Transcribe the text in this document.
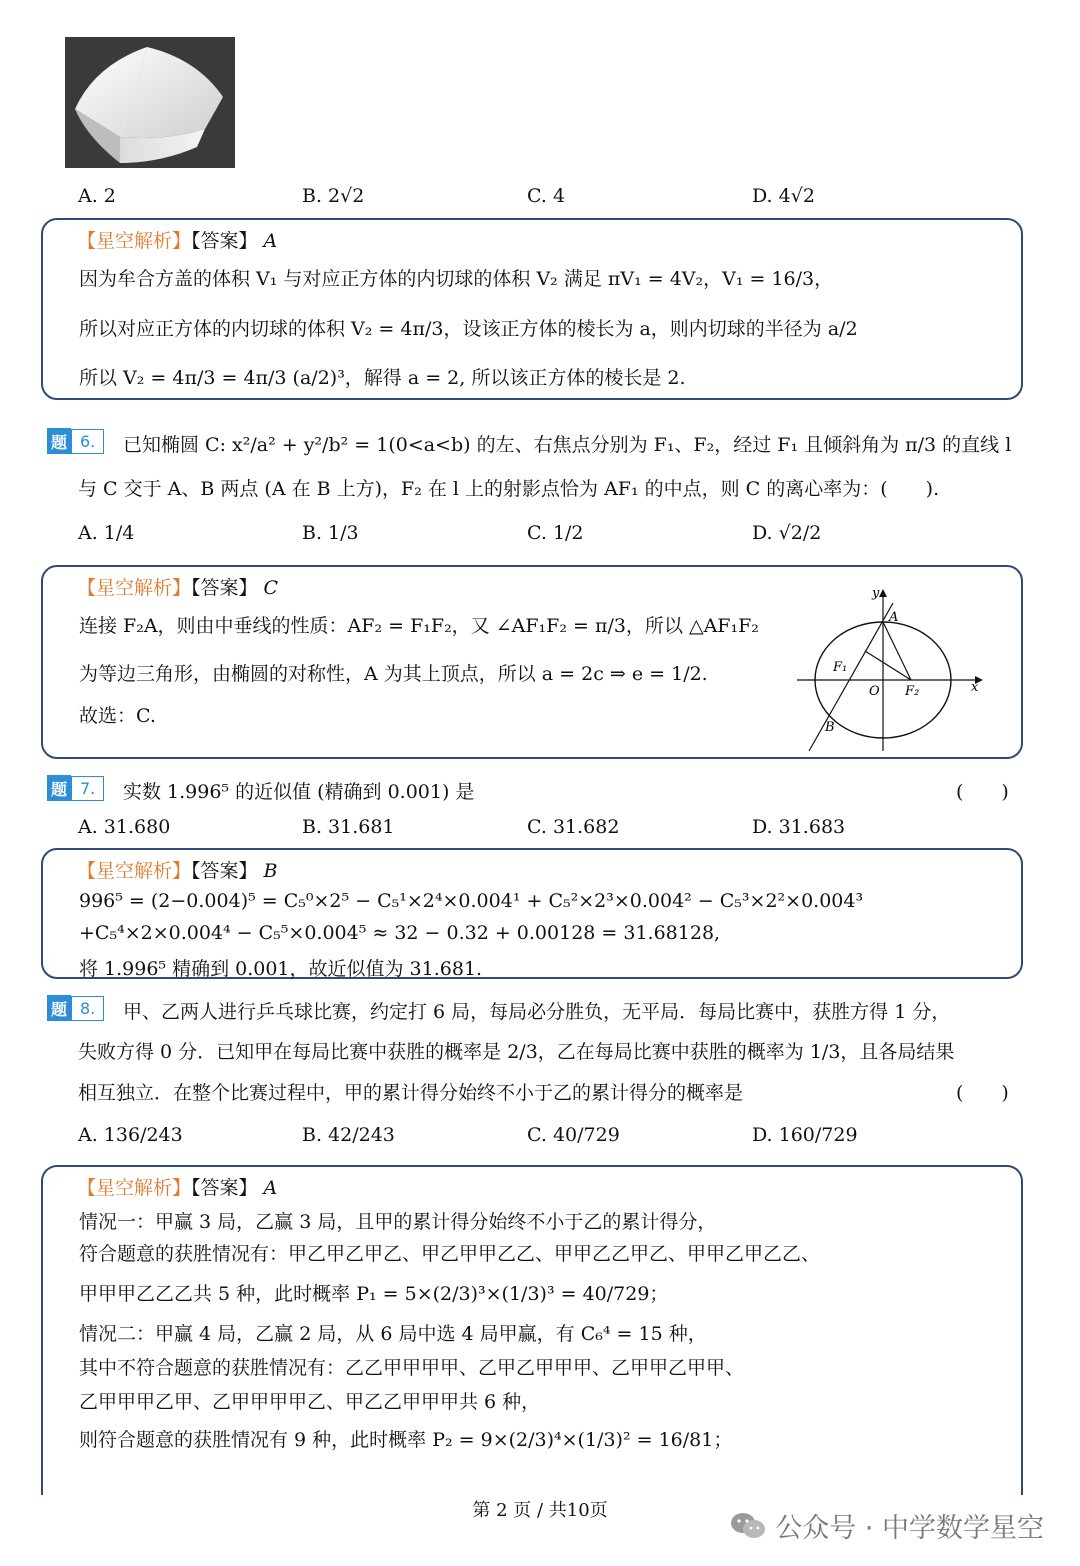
A. 2	B. 2√2	C. 4	D. 4√2
【星空解析】【答案】 A
因为牟合方盖的体积 V₁ 与对应正方体的内切球的体积 V₂ 满足 πV₁ = 4V₂，V₁ = 16/3，
所以对应正方体的内切球的体积 V₂ = 4π/3，设该正方体的棱长为 a，则内切球的半径为 a/2
所以 V₂ = 4π/3 = 4π/3 (a/2)³，解得 a = 2, 所以该正方体的棱长是 2.
题 6.	已知椭圆 C: x²/a² + y²/b² = 1(0<a<b) 的左、右焦点分别为 F₁、F₂，经过 F₁ 且倾斜角为 π/3 的直线 l
与 C 交于 A、B 两点 (A 在 B 上方)，F₂ 在 l 上的射影点恰为 AF₁ 的中点，则 C 的离心率为：(　　).
A. 1/4	B. 1/3	C. 1/2	D. √2/2
【星空解析】【答案】 C
连接 F₂A，则由中垂线的性质：AF₂ = F₁F₂，又 ∠AF₁F₂ = π/3，所以 △AF₁F₂
为等边三角形，由椭圆的对称性，A 为其上顶点，所以 a = 2c ⇒ e = 1/2.
故选：C.
y
x
A
B
F₁
F₂
O
题 7.	实数 1.996⁵ 的近似值 (精确到 0.001) 是	(　　)
A. 31.680	B. 31.681	C. 31.682	D. 31.683
【星空解析】【答案】 B
996⁵ = (2−0.004)⁵ = C₅⁰×2⁵ − C₅¹×2⁴×0.004¹ + C₅²×2³×0.004² − C₅³×2²×0.004³
+C₅⁴×2×0.004⁴ − C₅⁵×0.004⁵ ≈ 32 − 0.32 + 0.00128 = 31.68128,
将 1.996⁵ 精确到 0.001，故近似值为 31.681.
题 8.	甲、乙两人进行乒乓球比赛，约定打 6 局，每局必分胜负，无平局．每局比赛中，获胜方得 1 分，
失败方得 0 分．已知甲在每局比赛中获胜的概率是 2/3，乙在每局比赛中获胜的概率为 1/3，且各局结果
相互独立．在整个比赛过程中，甲的累计得分始终不小于乙的累计得分的概率是	(　　)
A. 136/243	B. 42/243	C. 40/729	D. 160/729
【星空解析】【答案】 A
情况一：甲赢 3 局，乙赢 3 局，且甲的累计得分始终不小于乙的累计得分，
符合题意的获胜情况有：甲乙甲乙甲乙、甲乙甲甲乙乙、甲甲乙乙甲乙、甲甲乙甲乙乙、
甲甲甲乙乙乙共 5 种，此时概率 P₁ = 5×(2/3)³×(1/3)³ = 40/729；
情况二：甲赢 4 局，乙赢 2 局，从 6 局中选 4 局甲赢，有 C₆⁴ = 15 种，
其中不符合题意的获胜情况有：乙乙甲甲甲甲、乙甲乙甲甲甲、乙甲甲乙甲甲、
乙甲甲甲乙甲、乙甲甲甲甲乙、甲乙乙甲甲甲共 6 种，
则符合题意的获胜情况有 9 种，此时概率 P₂ = 9×(2/3)⁴×(1/3)² = 16/81；
第 2 页 / 共10页
公众号 · 中学数学星空
